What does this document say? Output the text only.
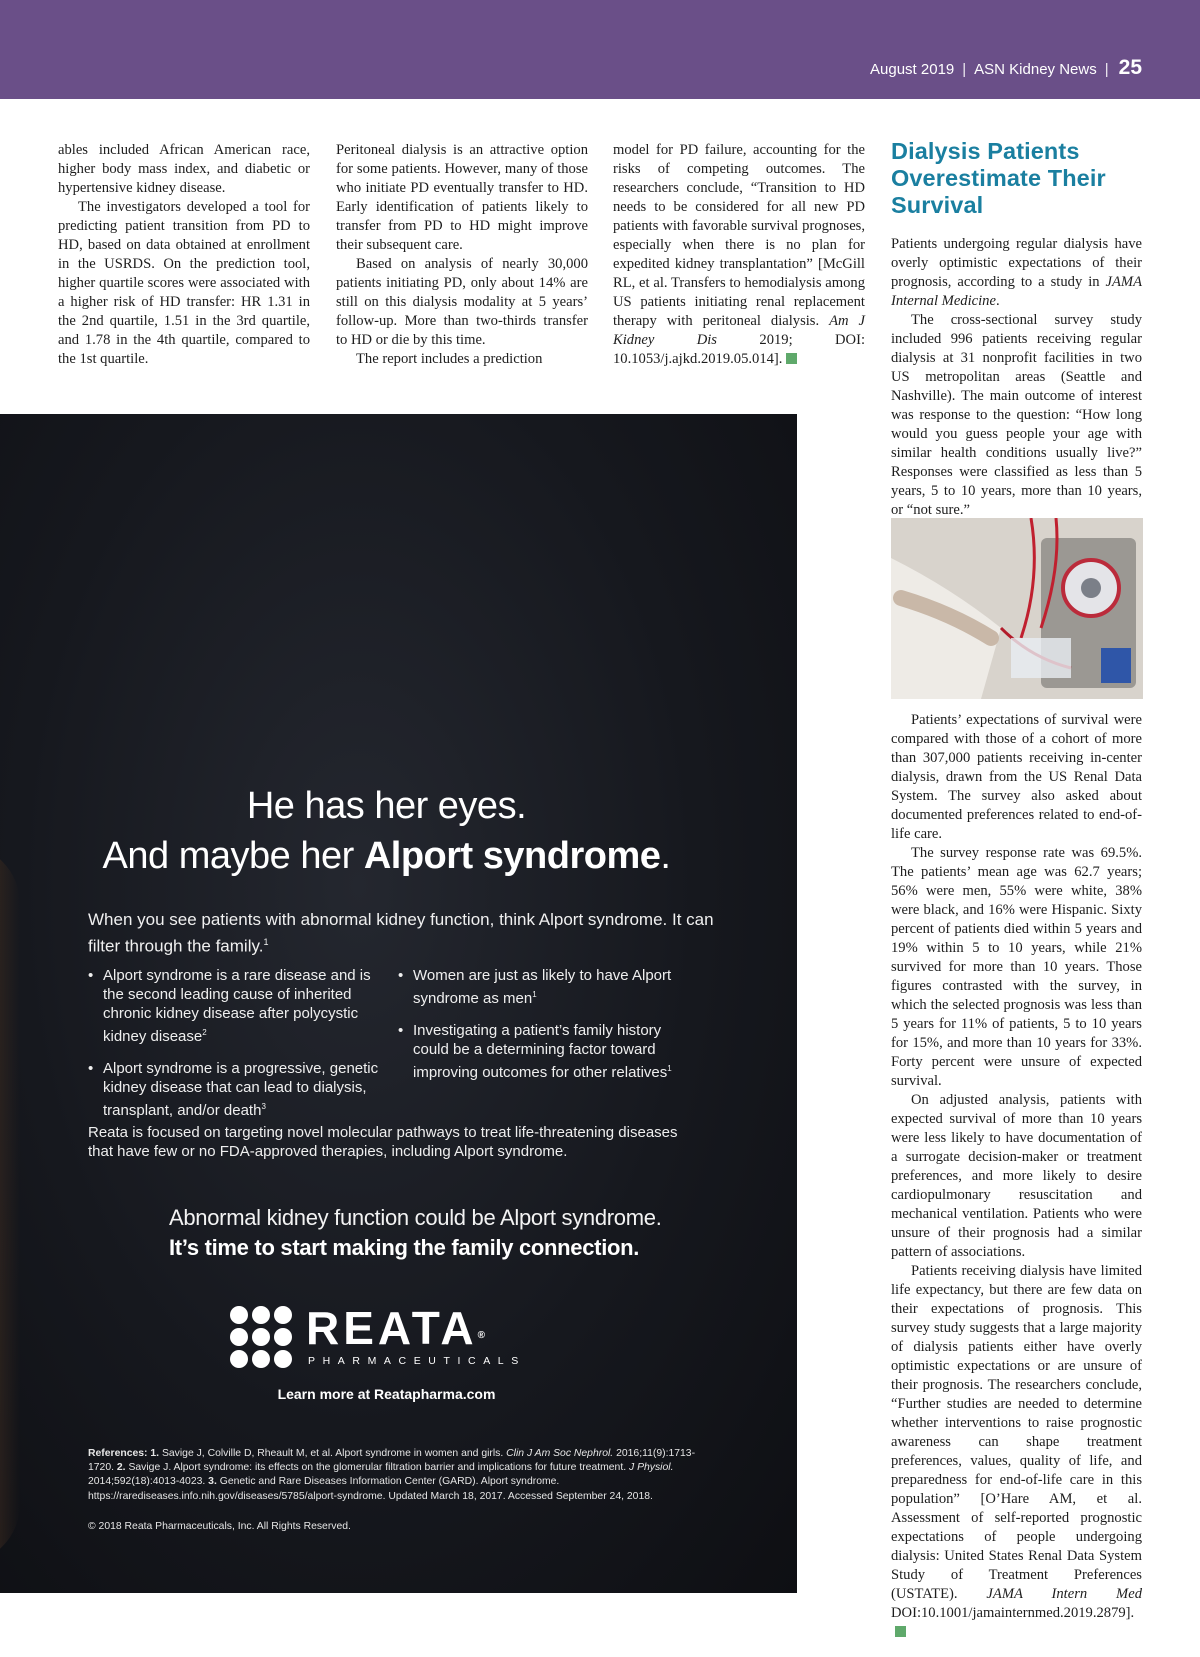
August 2019 | ASN Kidney News | 25

ables included African American race, higher body mass index, and diabetic or hypertensive kidney disease.

The investigators developed a tool for predicting patient transition from PD to HD, based on data obtained at enrollment in the USRDS. On the prediction tool, higher quartile scores were associated with a higher risk of HD transfer: HR 1.31 in the 2nd quartile, 1.51 in the 3rd quartile, and 1.78 in the 4th quartile, compared to the 1st quartile.

Peritoneal dialysis is an attractive option for some patients. However, many of those who initiate PD eventually transfer to HD. Early identification of patients likely to transfer from PD to HD might improve their subsequent care.

Based on analysis of nearly 30,000 patients initiating PD, only about 14% are still on this dialysis modality at 5 years’ follow-up. More than two-thirds transfer to HD or die by this time.

The report includes a prediction

model for PD failure, accounting for the risks of competing outcomes. The researchers conclude, “Transition to HD needs to be considered for all new PD patients with favorable survival prognoses, especially when there is no plan for expedited kidney transplantation” [McGill RL, et al. Transfers to hemodialysis among US patients initiating renal replacement therapy with peritoneal dialysis. Am J Kidney Dis	2019; DOI: 10.1053/j.ajkd.2019.05.014].

Dialysis Patients Overestimate Their Survival

Patients undergoing regular dialysis have overly optimistic expectations of their prognosis, according to a study in JAMA Internal Medicine.

The cross-sectional survey study included 996 patients receiving regular dialysis at 31 nonprofit facilities in two US metropolitan areas (Seattle and Nashville). The main outcome of interest was response to the question: “How long would you guess people your age with similar health conditions usually live?” Responses were classified as less than 5 years, 5 to 10 years, more than 10 years, or “not sure.”

Patients’ expectations of survival were compared with those of a cohort of more than 307,000 patients receiving in-center dialysis, drawn from the US Renal Data System. The survey also asked about documented preferences related to end-of-life care.

The survey response rate was 69.5%. The patients’ mean age was 62.7 years; 56% were men, 55% were white, 38% were black, and 16% were Hispanic. Sixty percent of patients died within 5 years and 19% within 5 to 10 years, while 21% survived for more than 10 years. Those figures contrasted with the survey, in which the selected prognosis was less than 5 years for 11% of patients, 5 to 10 years for 15%, and more than 10 years for 33%. Forty percent were unsure of expected survival.

On adjusted analysis, patients with expected survival of more than 10 years were less likely to have documentation of a surrogate decision-maker or treatment preferences, and more likely to desire cardiopulmonary resuscitation and mechanical ventilation. Patients who were unsure of their prognosis had a similar pattern of associations.

Patients receiving dialysis have limited life expectancy, but there are few data on their expectations of prognosis. This survey study suggests that a large majority of dialysis patients either have overly optimistic expectations or are unsure of their prognosis. The researchers conclude, “Further studies are needed to determine whether interventions to raise prognostic awareness can shape treatment preferences, values, quality of life, and preparedness for end-of-life care in this population” [O’Hare AM, et al. Assessment of self-reported prognostic expectations of people undergoing dialysis: United States Renal Data System Study of Treatment Preferences (USTATE). JAMA Intern Med DOI:10.1001/jamainternmed.2019.2879].

He has her eyes.
And maybe her Alport syndrome.
When you see patients with abnormal kidney function, think Alport syndrome. It can filter through the family.$^1$
• Alport syndrome is a rare disease and is the second leading cause of inherited chronic kidney disease after polycystic kidney disease$^2$
• Alport syndrome is a progressive, genetic kidney disease that can lead to dialysis, transplant, and/or death$^3$
• Women are just as likely to have Alport syndrome as men$^1$
• Investigating a patient’s family history could be a determining factor toward improving outcomes for other relatives$^1$
Reata is focused on targeting novel molecular pathways to treat life-threatening diseases that have few or no FDA-approved therapies, including Alport syndrome.
Abnormal kidney function could be Alport syndrome.
It’s time to start making the family connection.
REATA®
PHARMACEUTICALS
Learn more at Reatapharma.com
References: 1. Savige J, Colville D, Rheault M, et al. Alport syndrome in women and girls. Clin J Am Soc Nephrol. 2016;11(9):1713-1720. 2. Savige J. Alport syndrome: its effects on the glomerular filtration barrier and implications for future treatment. J Physiol. 2014;592(18):4013-4023. 3. Genetic and Rare Diseases Information Center (GARD). Alport syndrome. https://rarediseases.info.nih.gov/diseases/5785/alport-syndrome. Updated March 18, 2017. Accessed September 24, 2018.
© 2018 Reata Pharmaceuticals, Inc. All Rights Reserved.
